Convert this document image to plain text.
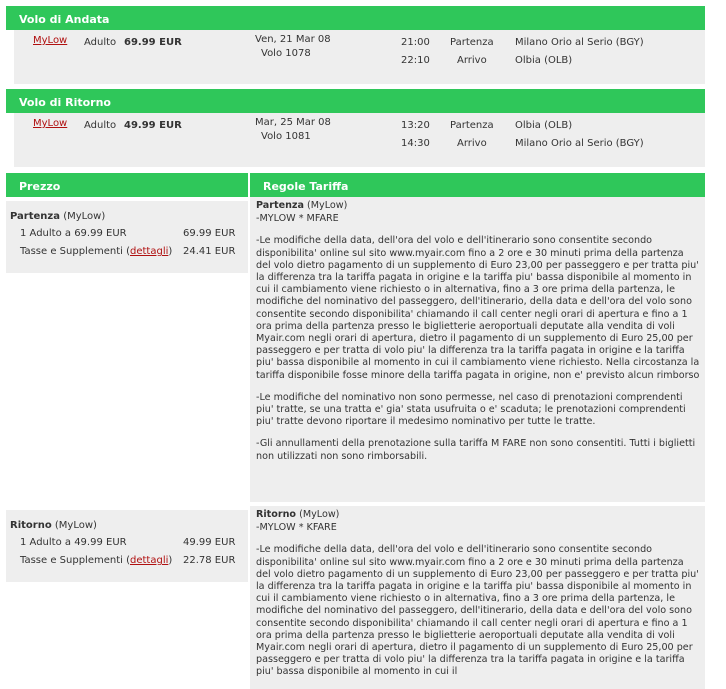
Volo di Andata
MyLow Adulto 69.99 EUR	Ven, 21 Mar 08
Volo 1078
21:00 Partenza Milano Orio al Serio (BGY)
22:10	Arrivo	Olbia (OLB)
Volo di Ritorno
MyLow Adulto 49.99 EUR	Mar, 25 Mar 08
Volo 1081
13:20 Partenza Olbia (OLB)
14:30	Arrivo	Milano Orio al Serio (BGY)
Prezzo	Regole Tariffa
Partenza (MyLow)
1 Adulto a 69.99 EUR	69.99 EUR
Tasse e Supplementi (dettagli) 24.41 EUR
Ritorno (MyLow)
1 Adulto a 49.99 EUR	49.99 EUR
Tasse e Supplementi (dettagli) 22.78 EUR

Partenza (MyLow)

-MYLOW * MFARE

-Le modifiche della data, dell'ora del volo e dell'itinerario sono consentite secondo disponibilita' online sul sito www.myair.com fino a 2 ore e 30 minuti prima della partenza del volo dietro pagamento di un supplemento di Euro 23,00 per passeggero e per tratta piu' la differenza tra la tariffa pagata in origine e la tariffa piu' bassa disponibile al momento in cui il cambiamento viene richiesto o in alternativa, fino a 3 ore prima della partenza, le modifiche del nominativo del passeggero, dell'itinerario, della data e dell'ora del volo sono consentite secondo disponibilita' chiamando il call center negli orari di apertura e fino a 1 ora prima della partenza presso le biglietterie aeroportuali deputate alla vendita di voli Myair.com negli orari di apertura, dietro il pagamento di un supplemento di Euro 25,00 per passeggero e per tratta di volo piu' la differenza tra la tariffa pagata in origine e la tariffa piu' bassa disponibile al momento in cui il cambiamento viene richiesto. Nella circostanza la tariffa disponibile fosse minore della tariffa pagata in origine, non e' previsto alcun rimborso

-Le modifiche del nominativo non sono permesse, nel caso di prenotazioni comprendenti piu' tratte, se una tratta e' gia' stata usufruita o e' scaduta; le prenotazioni comprendenti piu' tratte devono riportare il medesimo nominativo per tutte le tratte.

-Gli annullamenti della prenotazione sulla tariffa M FARE non sono consentiti. Tutti i biglietti non utilizzati non sono rimborsabili.

Ritorno (MyLow)

-MYLOW * KFARE

-Le modifiche della data, dell'ora del volo e dell'itinerario sono consentite secondo disponibilita' online sul sito www.myair.com fino a 2 ore e 30 minuti prima della partenza del volo dietro pagamento di un supplemento di Euro 23,00 per passeggero e per tratta piu' la differenza tra la tariffa pagata in origine e la tariffa piu' bassa disponibile al momento in cui il cambiamento viene richiesto o in alternativa, fino a 3 ore prima della partenza, le modifiche del nominativo del passeggero, dell'itinerario, della data e dell'ora del volo sono consentite secondo disponibilita' chiamando il call center negli orari di apertura e fino a 1 ora prima della partenza presso le biglietterie aeroportuali deputate alla vendita di voli Myair.com negli orari di apertura, dietro il pagamento di un supplemento di Euro 25,00 per passeggero e per tratta di volo piu' la differenza tra la tariffa pagata in origine e la tariffa piu' bassa disponibile al momento in cui il
